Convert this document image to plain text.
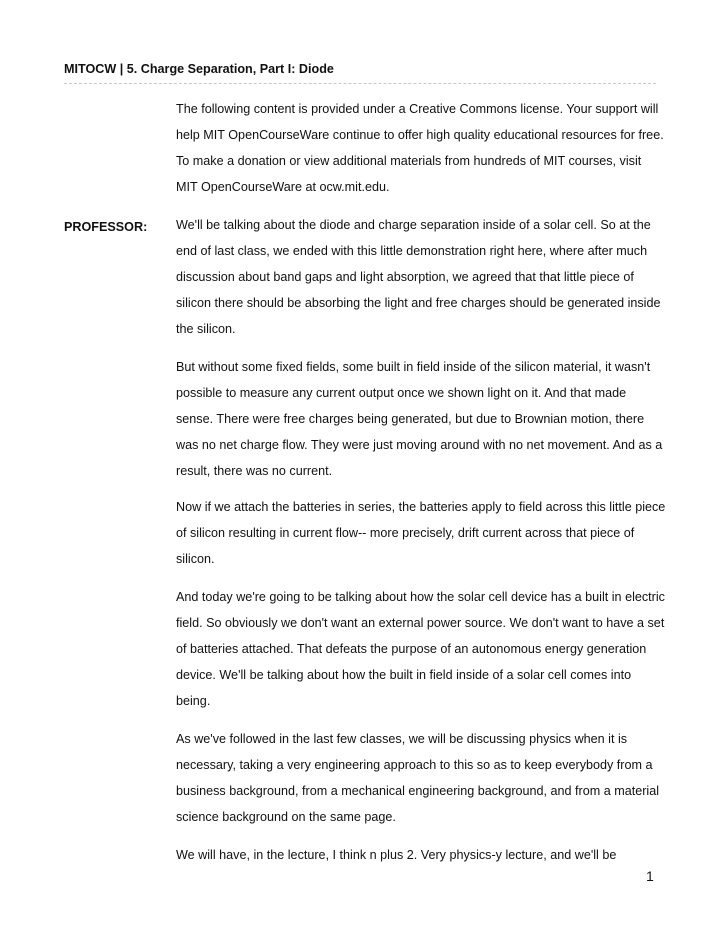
MITOCW | 5. Charge Separation, Part I: Diode
The following content is provided under a Creative Commons license. Your support will help MIT OpenCourseWare continue to offer high quality educational resources for free. To make a donation or view additional materials from hundreds of MIT courses, visit MIT OpenCourseWare at ocw.mit.edu.
PROFESSOR: We'll be talking about the diode and charge separation inside of a solar cell. So at the end of last class, we ended with this little demonstration right here, where after much discussion about band gaps and light absorption, we agreed that that little piece of silicon there should be absorbing the light and free charges should be generated inside the silicon.
But without some fixed fields, some built in field inside of the silicon material, it wasn't possible to measure any current output once we shown light on it. And that made sense. There were free charges being generated, but due to Brownian motion, there was no net charge flow. They were just moving around with no net movement. And as a result, there was no current.
Now if we attach the batteries in series, the batteries apply to field across this little piece of silicon resulting in current flow-- more precisely, drift current across that piece of silicon.
And today we're going to be talking about how the solar cell device has a built in electric field. So obviously we don't want an external power source. We don't want to have a set of batteries attached. That defeats the purpose of an autonomous energy generation device. We'll be talking about how the built in field inside of a solar cell comes into being.
As we've followed in the last few classes, we will be discussing physics when it is necessary, taking a very engineering approach to this so as to keep everybody from a business background, from a mechanical engineering background, and from a material science background on the same page.
We will have, in the lecture, I think n plus 2. Very physics-y lecture, and we'll be
1
